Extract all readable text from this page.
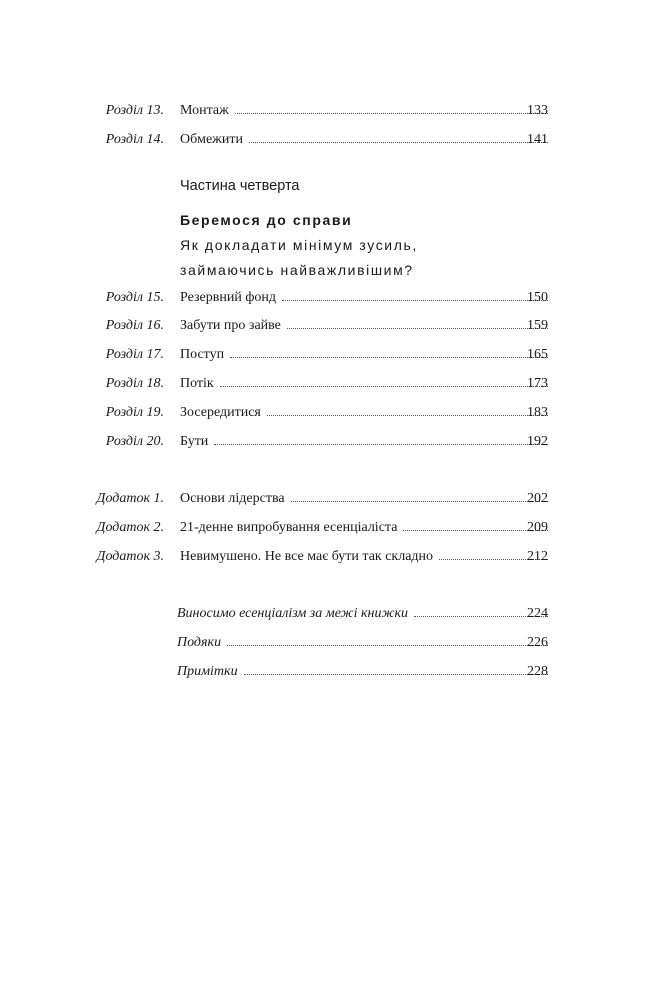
Розділ 13. Монтаж	133
Розділ 14. Обмежити	141
Частина четверта
Беремося до справи
Як докладати мінімум зусиль,
займаючись найважливішим?
Розділ 15. Резервний фонд	150
Розділ 16. Забути про зайве	159
Розділ 17. Поступ	165
Розділ 18. Потік	173
Розділ 19. Зосередитися	183
Розділ 20. Бути	192
Додаток 1. Основи лідерства	202
Додаток 2. 21-денне випробування есенціаліста	209
Додаток 3. Невимушено. Не все має бути так складно	212
Виносимо есенціалізм за межі книжки	224
Подяки	226
Примітки	228
